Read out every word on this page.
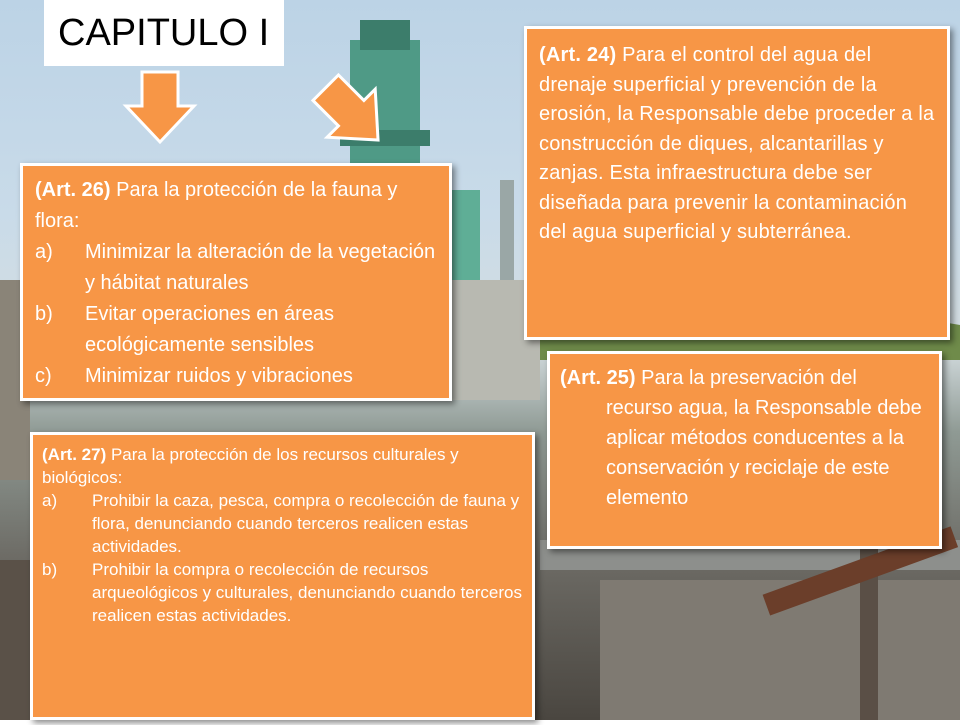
CAPITULO I
(Art. 24) Para el control del agua del drenaje superficial y prevención de la erosión, la Responsable debe proceder a la construcción de diques, alcantarillas y zanjas. Esta infraestructura debe ser diseñada para prevenir la contaminación del agua superficial y subterránea.
(Art. 26) Para la protección de la fauna y flora:
a) Minimizar la alteración de la vegetación y hábitat naturales
b) Evitar operaciones en áreas ecológicamente sensibles
c) Minimizar ruidos y vibraciones	(Art. 25) Para la preservación del
recurso agua, la Responsable debe aplicar métodos conducentes a la conservación y reciclaje de este elemento
(Art. 27) Para la protección de los recursos culturales y biológicos:
a) Prohibir la caza, pesca, compra o recolección de fauna y flora, denunciando cuando terceros realicen estas actividades.
b) Prohibir la compra o recolección de recursos arqueológicos y culturales, denunciando cuando terceros realicen estas actividades.
